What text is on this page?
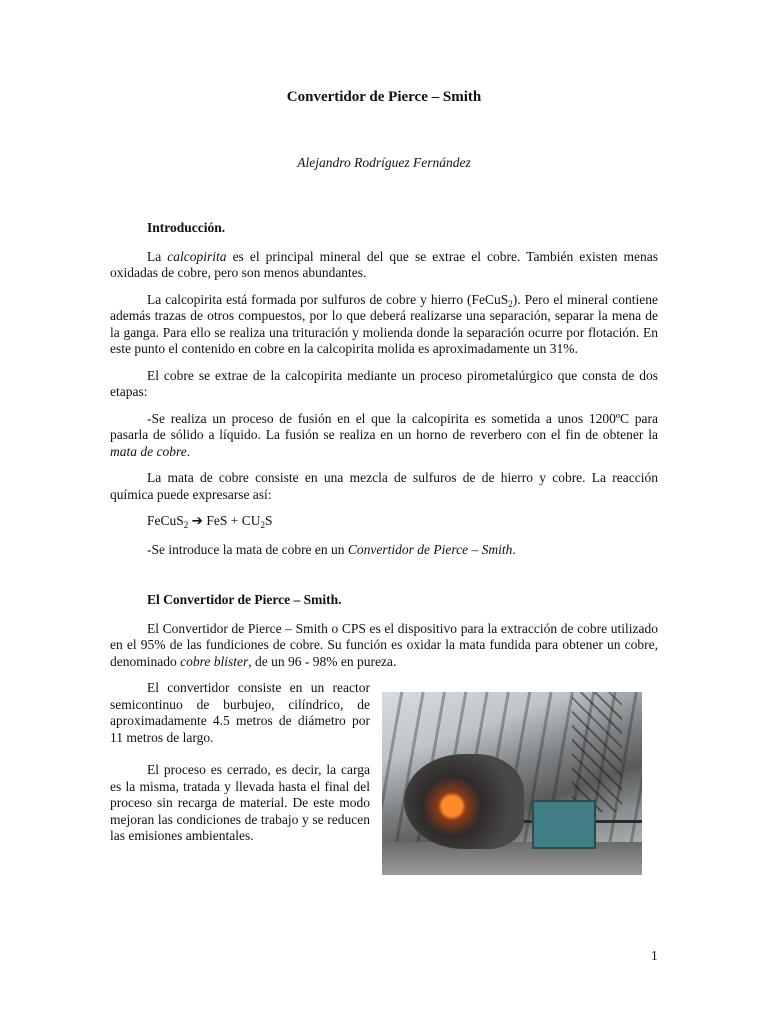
Convertidor de Pierce – Smith
Alejandro Rodríguez Fernández
Introducción.

La calcopirita es el principal mineral del que se extrae el cobre. También existen menas oxidadas de cobre, pero son menos abundantes.

La calcopirita está formada por sulfuros de cobre y hierro (FeCuS$_2$). Pero el mineral contiene además trazas de otros compuestos, por lo que deberá realizarse una separación, separar la mena de la ganga. Para ello se realiza una trituración y molienda donde la separación ocurre por flotación. En este punto el contenido en cobre en la calcopirita molida es aproximadamente un 31%.

El cobre se extrae de la calcopirita mediante un proceso pirometalúrgico que consta de dos etapas:

-Se realiza un proceso de fusión en el que la calcopirita es sometida a unos 1200ºC para pasarla de sólido a líquido. La fusión se realiza en un horno de reverbero con el fin de obtener la mata de cobre.

La mata de cobre consiste en una mezcla de sulfuros de de hierro y cobre. La reacción química puede expresarse así:

FeCuS$_2$ ➔ FeS + $CU_2S$

-Se introduce la mata de cobre en un Convertidor de Pierce – Smith.

El Convertidor de Pierce – Smith.

El Convertidor de Pierce – Smith o CPS es el dispositivo para la extracción de cobre utilizado en el 95% de las fundiciones de cobre. Su función es oxidar la mata fundida para obtener un cobre, denominado cobre blister, de un 96 - 98% en pureza.

El convertidor consiste en un reactor semicontinuo de burbujeo, cilíndrico, de aproximadamente 4.5 metros de diámetro por 11 metros de largo.

El proceso es cerrado, es decir, la carga es la misma, tratada y llevada hasta el final del proceso sin recarga de material. De este modo mejoran las condiciones de trabajo y se reducen las emisiones ambientales.

1
